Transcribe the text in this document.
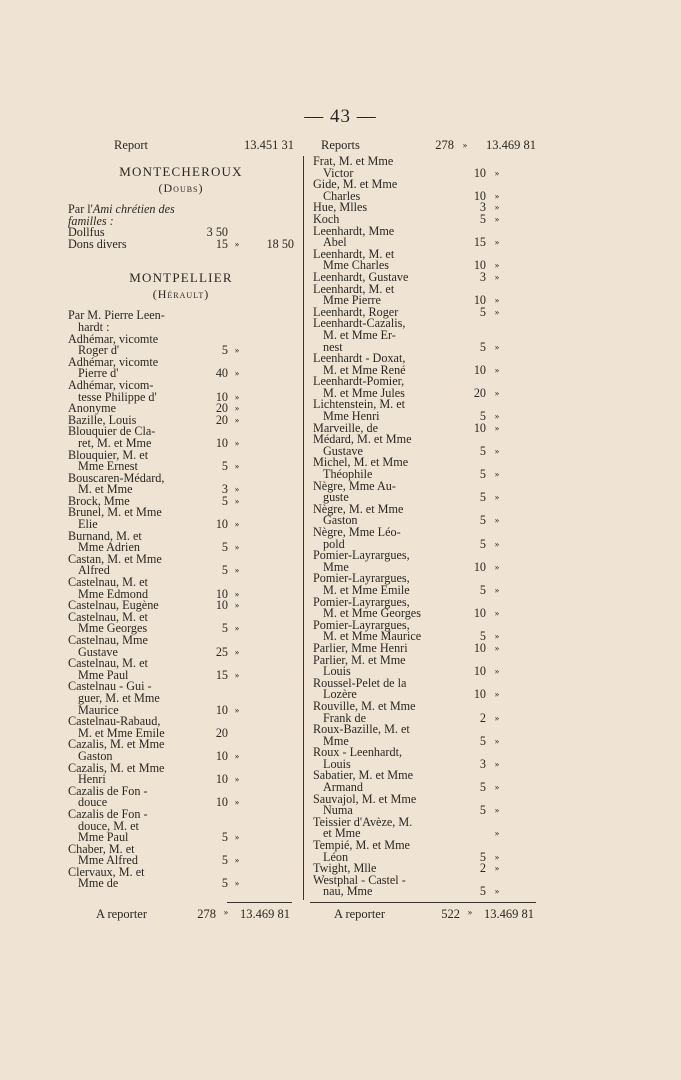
— 43 —
Report	13.451 31
MONTECHEROUX
(Doubs)
Par l'Ami chrétien des familles :
Dollfus	3 50
Dons divers	15 »	18 50
MONTPELLIER
(Hérault)
Par M. Pierre Leen-
hardt :
Adhémar, vicomte
Roger d'	5 »
Adhémar, vicomte
Pierre d'	40 »
Adhémar, vicom-
tesse Philippe d'	10 »
Anonyme	20 »
Bazille, Louis	20 »
Blouquier de Cla-
ret, M. et Mme	10 »
Blouquier, M. et
Mme Ernest	5 »
Bouscaren-Médard,
M. et Mme	3 »
Brock, Mme	5 »
Brunel, M. et Mme
Elie	10 »
Burnand, M. et
Mme Adrien	5 »
Castan, M. et Mme
Alfred	5 »
Castelnau, M. et
Mme Edmond	10 »
Castelnau, Eugène	10 »
Castelnau, M. et
Mme Georges	5 »
Castelnau, Mme
Gustave	25 »
Castelnau, M. et
Mme Paul	15 »
Castelnau - Gui -
guer, M. et Mme
Maurice	10 »
Castelnau-Rabaud,
M. et Mme Emile	20
Cazalis, M. et Mme
Gaston	10 »
Cazalis, M. et Mme
Henri	10 »
Cazalis de Fon -
douce	10 »
Cazalis de Fon -
douce, M. et
Mme Paul	5 »
Chaber, M. et
Mme Alfred	5 »
Clervaux, M. et
Mme de	5 »
Reports	278 »	13.469 81
Frat, M. et Mme
Victor	10 »
Gide, M. et Mme
Charles	10 »
Hue, Mlles	3 »
Koch	5 »
Leenhardt, Mme
Abel	15 »
Leenhardt, M. et
Mme Charles	10 »
Leenhardt, Gustave	3 »
Leenhardt, M. et
Mme Pierre	10 »
Leenhardt, Roger	5 »
Leenhardt-Cazalis,
M. et Mme Er-
nest	5 »
Leenhardt - Doxat,
M. et Mme René	10 »
Leenhardt-Pomier,
M. et Mme Jules	20 »
Lichtenstein, M. et
Mme Henri	5 »
Marveille, de	10 »
Médard, M. et Mme
Gustave	5 »
Michel, M. et Mme
Théophile	5 »
Nègre, Mme Au-
guste	5 »
Nègre, M. et Mme
Gaston	5 »
Nègre, Mme Léo-
pold	5 »
Pomier-Layrargues,
Mme	10 »
Pomier-Layrargues,
M. et Mme Emile	5 »
Pomier-Layrargues,
M. et Mme Georges	10 »
Pomier-Layrargues,
M. et Mme Maurice	5 »
Parlier, Mme Henri	10 »
Parlier, M. et Mme
Louis	10 »
Roussel-Pelet de la
Lozère	10 »
Rouville, M. et Mme
Frank de	2 »
Roux-Bazille, M. et
Mme	5 »
Roux - Leenhardt,
Louis	3 »
Sabatier, M. et Mme
Armand	5 »
Sauvajol, M. et Mme
Numa	5 »
Teissier d'Avèze, M.
et Mme	»
Tempié, M. et Mme
Léon	5 »
Twight, Mlle	2 »
Westphal - Castel -
nau, Mme	5 »
A reporter	278 » 13.469 81	A reporter	522 » 13.469 81
